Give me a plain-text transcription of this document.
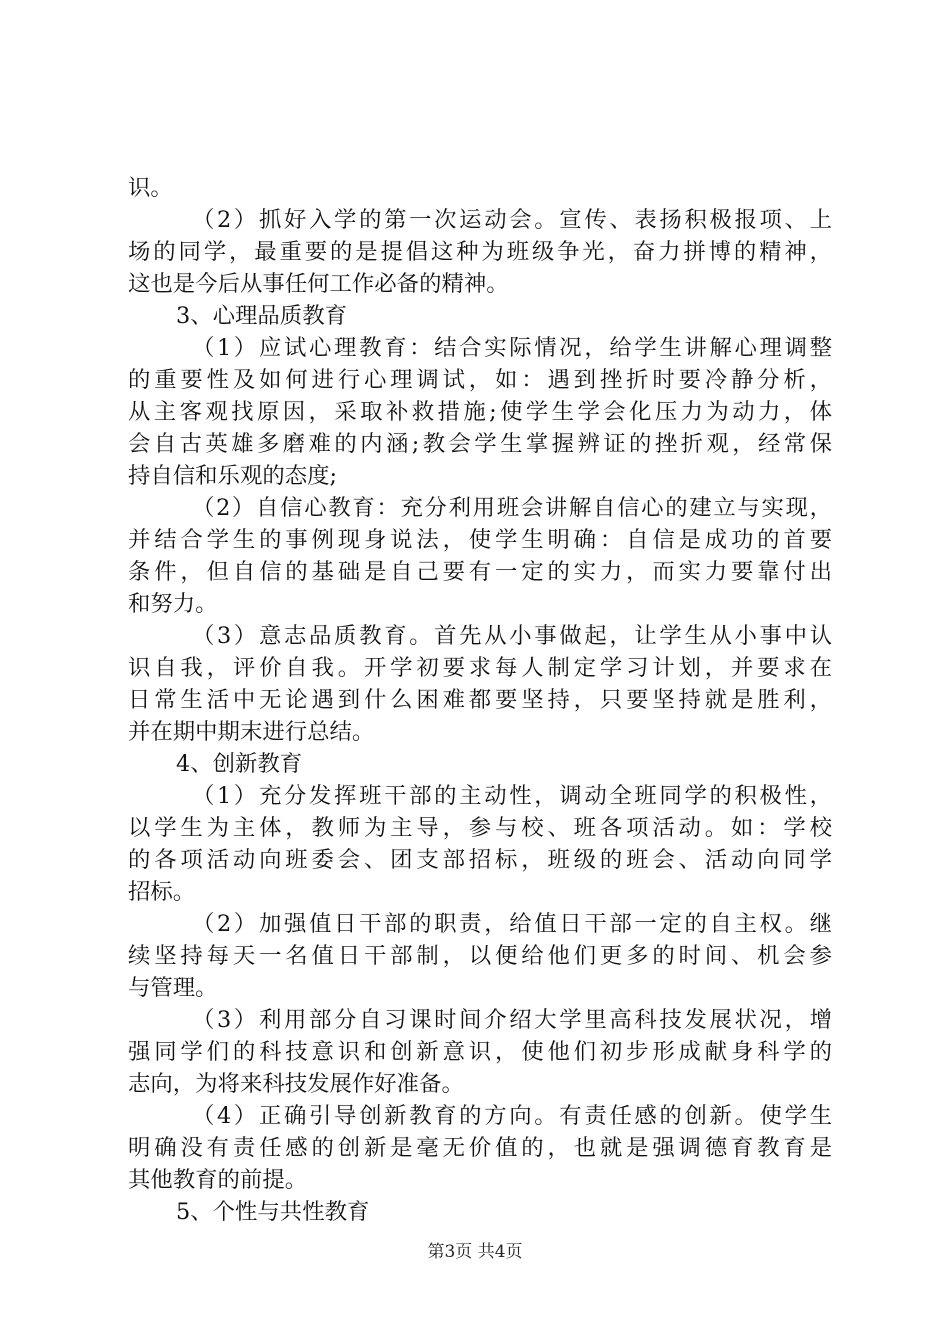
识。
（2）抓好入学的第一次运动会。宣传、表扬积极报项、上
场的同学，最重要的是提倡这种为班级争光，奋力拼博的精神，
这也是今后从事任何工作必备的精神。
3、心理品质教育
（1）应试心理教育：结合实际情况，给学生讲解心理调整
的重要性及如何进行心理调试，如：遇到挫折时要冷静分析，
从主客观找原因，采取补救措施;使学生学会化压力为动力，体
会自古英雄多磨难的内涵;教会学生掌握辨证的挫折观，经常保
持自信和乐观的态度;
（2）自信心教育：充分利用班会讲解自信心的建立与实现，
并结合学生的事例现身说法，使学生明确：自信是成功的首要
条件，但自信的基础是自己要有一定的实力，而实力要靠付出
和努力。
（3）意志品质教育。首先从小事做起，让学生从小事中认
识自我，评价自我。开学初要求每人制定学习计划，并要求在
日常生活中无论遇到什么困难都要坚持，只要坚持就是胜利，
并在期中期末进行总结。
4、创新教育
（1）充分发挥班干部的主动性，调动全班同学的积极性，
以学生为主体，教师为主导，参与校、班各项活动。如：学校
的各项活动向班委会、团支部招标，班级的班会、活动向同学
招标。
（2）加强值日干部的职责，给值日干部一定的自主权。继
续坚持每天一名值日干部制，以便给他们更多的时间、机会参
与管理。
（3）利用部分自习课时间介绍大学里高科技发展状况，增
强同学们的科技意识和创新意识，使他们初步形成献身科学的
志向，为将来科技发展作好准备。
（4）正确引导创新教育的方向。有责任感的创新。使学生
明确没有责任感的创新是毫无价值的，也就是强调德育教育是
其他教育的前提。
5、个性与共性教育
第3页 共4页
